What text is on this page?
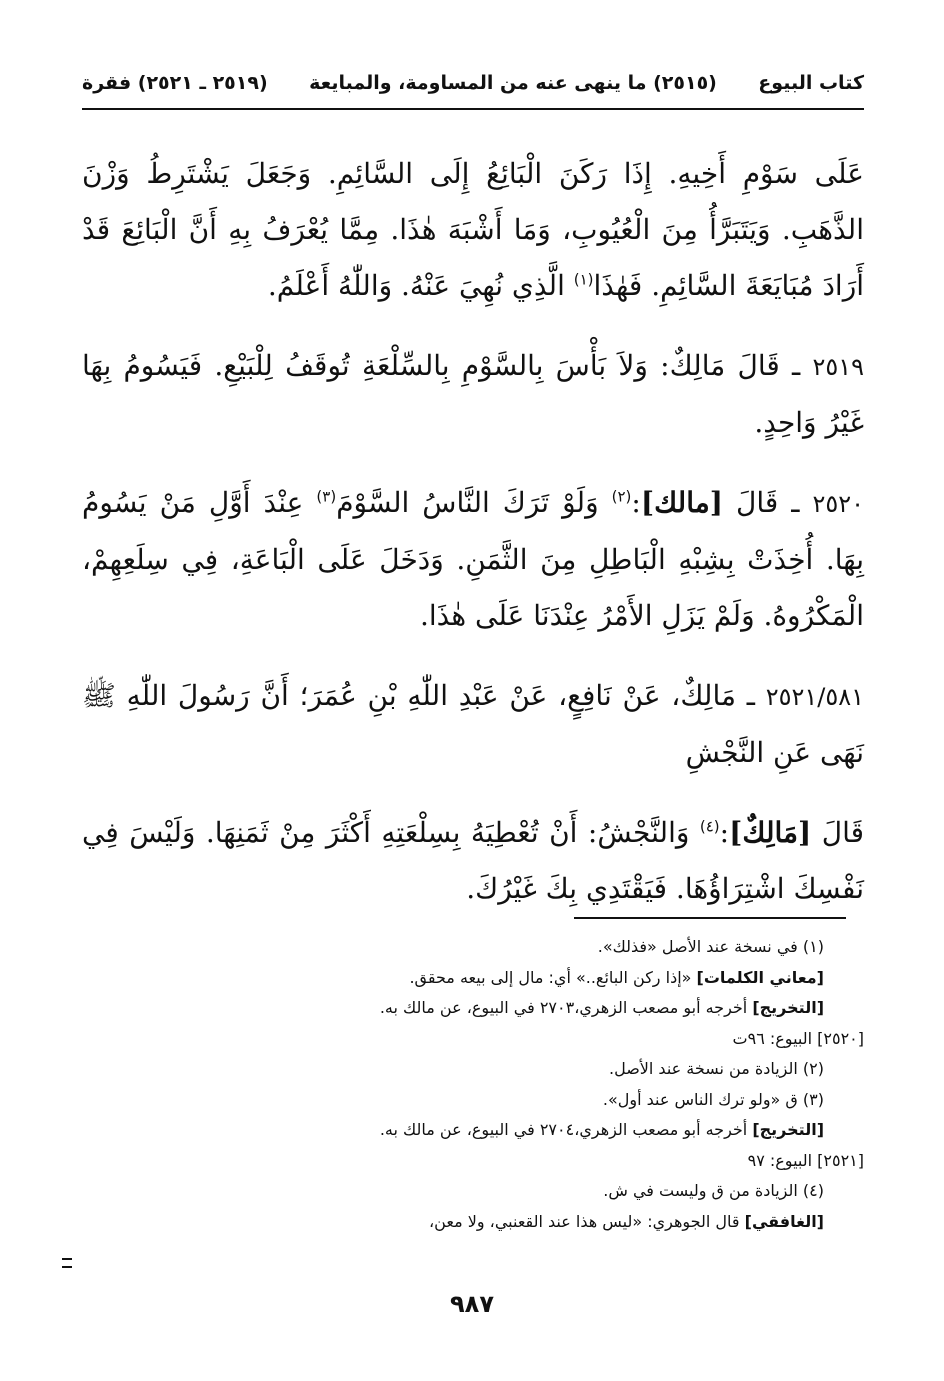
كتاب البيوع
(٢٥١٥) ما ينهى عنه من المساومة، والمبايعة
(٢٥١٩ ـ ٢٥٢١) فقرة

عَلَى سَوْمِ أَخِيهِ. إِذَا رَكَنَ الْبَائِعُ إِلَى السَّائِمِ. وَجَعَلَ يَشْتَرِطُ وَزْنَ الذَّهَبِ. وَيَتَبَرَّأُ مِنَ الْعُيُوبِ، وَمَا أَشْبَهَ هٰذَا. مِمَّا يُعْرَفُ بِهِ أَنَّ الْبَائِعَ قَدْ أَرَادَ مُبَايَعَةَ السَّائِمِ. فَهٰذَا$^{(١)}$ الَّذِي نُهِيَ عَنْهُ. وَاللّٰهُ أَعْلَمُ.

٢٥١٩ ـ قَالَ مَالِكٌ: وَلاَ بَأْسَ بِالسَّوْمِ بِالسِّلْعَةِ تُوقَفُ لِلْبَيْعِ. فَيَسُومُ بِهَا غَيْرُ وَاحِدٍ.

٢٥٢٠ ـ قَالَ [مالك]:$^{(٢)}$ وَلَوْ تَرَكَ النَّاسُ السَّوْمَ$^{(٣)}$ عِنْدَ أَوَّلِ مَنْ يَسُومُ بِهَا. أُخِذَتْ بِشِبْهِ الْبَاطِلِ مِنَ الثَّمَنِ. وَدَخَلَ عَلَى الْبَاعَةِ، فِي سِلَعِهِمْ، الْمَكْرُوهُ. وَلَمْ يَزَلِ الأَمْرُ عِنْدَنَا عَلَى هٰذَا.

٢٥٢١/٥٨١ ـ مَالِكٌ، عَنْ نَافِعٍ، عَنْ عَبْدِ اللّٰهِ بْنِ عُمَرَ؛ أَنَّ رَسُولَ اللّٰهِ ﷺ نَهَى عَنِ النَّجْشِ

قَالَ [مَالِكٌ]:$^{(٤)}$ وَالنَّجْشُ: أَنْ تُعْطِيَهُ بِسِلْعَتِهِ أَكْثَرَ مِنْ ثَمَنِهَا. وَلَيْسَ فِي نَفْسِكَ اشْتِرَاؤُهَا. فَيَقْتَدِي بِكَ غَيْرُكَ.

(١) في نسخة عند الأصل «فذلك».
[معاني الكلمات] «إذا ركن البائع..» أي: مال إلى بيعه محقق.
[التخريج] أخرجه أبو مصعب الزهري،٢٧٠٣ في البيوع، عن مالك به.
[٢٥٢٠] البيوع: ٩٦ت
(٢) الزيادة من نسخة عند الأصل.
(٣) ق «ولو ترك الناس عند أول».
[التخريج] أخرجه أبو مصعب الزهري،٢٧٠٤ في البيوع، عن مالك به.
[٢٥٢١] البيوع: ٩٧
(٤) الزيادة من ق وليست في ش.
[الغافقي] قال الجوهري: «ليس هذا عند القعنبي، ولا معن،
٩٨٧
